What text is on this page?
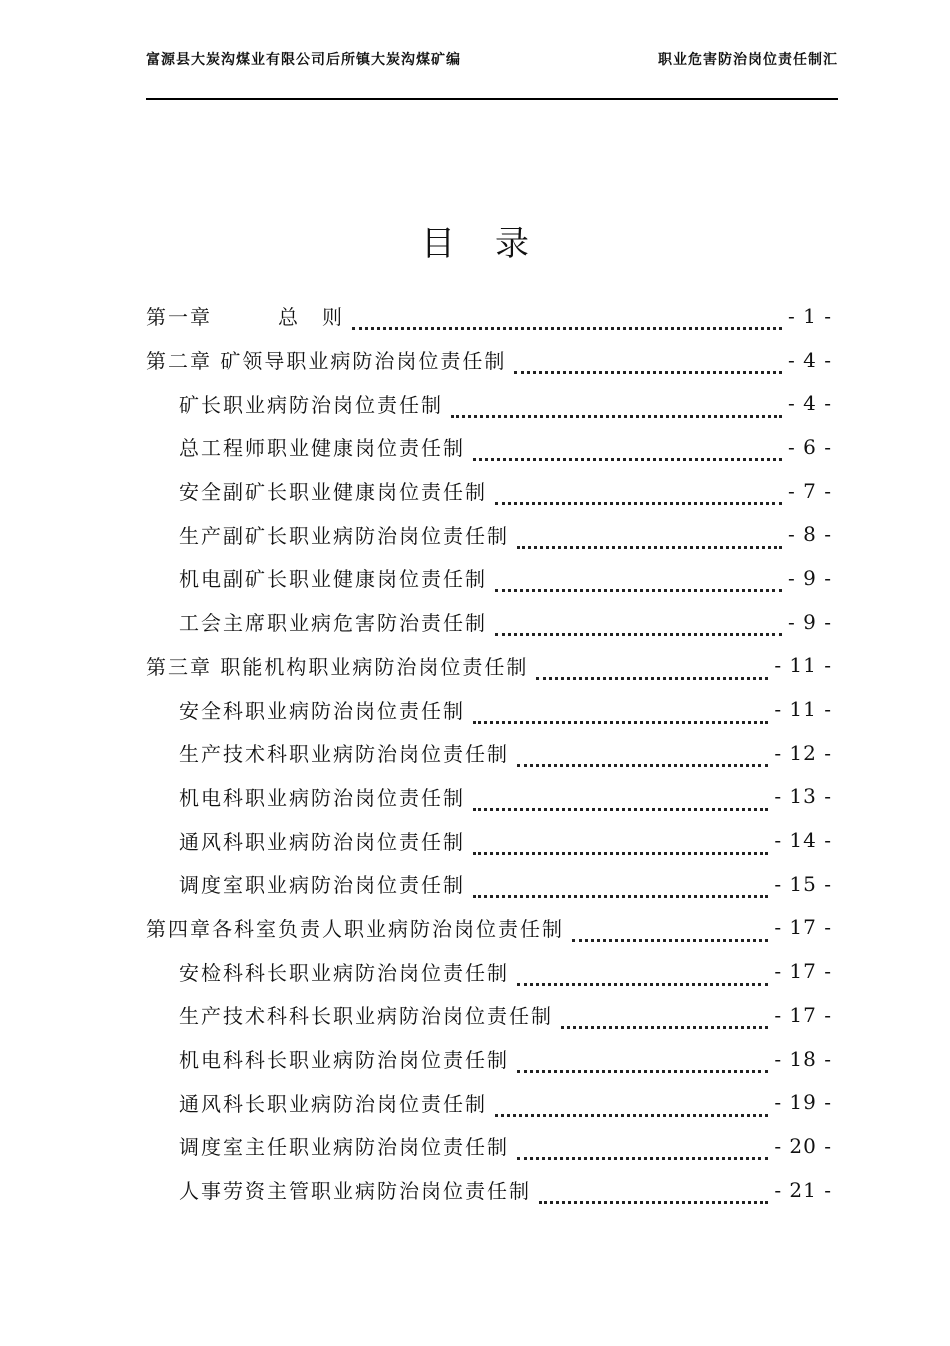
富源县大炭沟煤业有限公司后所镇大炭沟煤矿编	职业危害防治岗位责任制汇
目录
第一章　　　总　则	- 1 -
第二章 矿领导职业病防治岗位责任制	- 4 -
矿长职业病防治岗位责任制	- 4 -
总工程师职业健康岗位责任制	- 6 -
安全副矿长职业健康岗位责任制	- 7 -
生产副矿长职业病防治岗位责任制	- 8 -
机电副矿长职业健康岗位责任制	- 9 -
工会主席职业病危害防治责任制	- 9 -
第三章 职能机构职业病防治岗位责任制	- 11 -
安全科职业病防治岗位责任制	- 11 -
生产技术科职业病防治岗位责任制	- 12 -
机电科职业病防治岗位责任制	- 13 -
通风科职业病防治岗位责任制	- 14 -
调度室职业病防治岗位责任制	- 15 -
第四章各科室负责人职业病防治岗位责任制	- 17 -
安检科科长职业病防治岗位责任制	- 17 -
生产技术科科长职业病防治岗位责任制	- 17 -
机电科科长职业病防治岗位责任制	- 18 -
通风科长职业病防治岗位责任制	- 19 -
调度室主任职业病防治岗位责任制	- 20 -
人事劳资主管职业病防治岗位责任制	- 21 -
